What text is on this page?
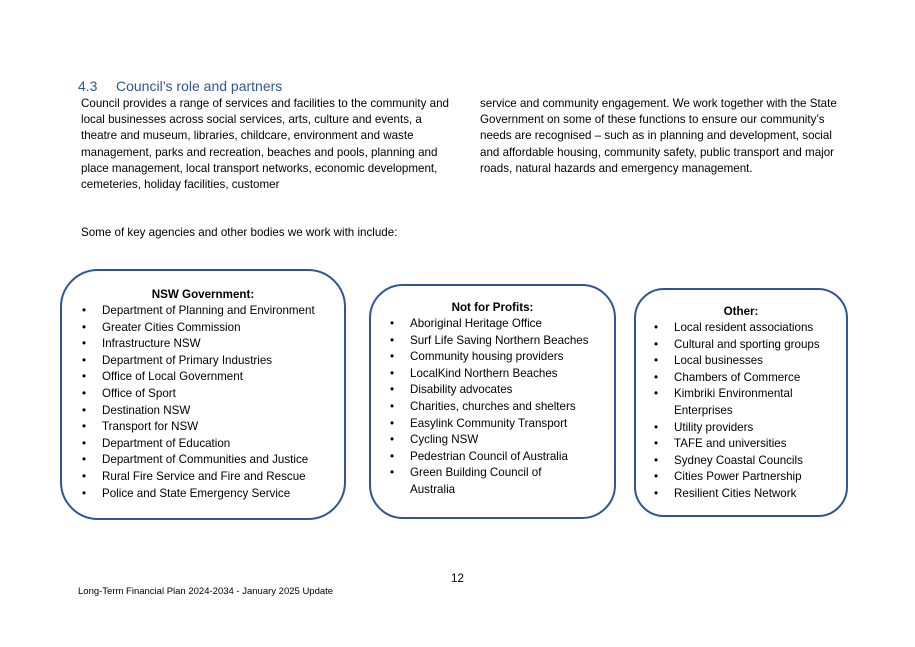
4.3 Council’s role and partners

Council provides a range of services and facilities to the community and local businesses across social services, arts, culture and events, a theatre and museum, libraries, childcare, environment and waste management, parks and recreation, beaches and pools, planning and place management, local transport networks, economic development, cemeteries, holiday facilities, customer

service and community engagement. We work together with the State Government on some of these functions to ensure our community’s needs are recognised – such as in planning and development, social and affordable housing, community safety, public transport and major roads, natural hazards and emergency management.

Some of key agencies and other bodies we work with include:

NSW Government:

• Department of Planning and Environment
• Greater Cities Commission
• Infrastructure NSW
• Department of Primary Industries
• Office of Local Government
• Office of Sport
• Destination NSW
• Transport for NSW
• Department of Education
• Department of Communities and Justice
• Rural Fire Service and Fire and Rescue
• Police and State Emergency Service

Not for Profits:

• Aboriginal Heritage Office
• Surf Life Saving Northern Beaches
• Community housing providers
• LocalKind Northern Beaches
• Disability advocates
• Charities, churches and shelters
• Easylink Community Transport
• Cycling NSW
• Pedestrian Council of Australia
• Green Building Council of Australia

Other:

• Local resident associations
• Cultural and sporting groups
• Local businesses
• Chambers of Commerce
• Kimbriki Environmental Enterprises
• Utility providers
• TAFE and universities
• Sydney Coastal Councils
• Cities Power Partnership
• Resilient Cities Network
12
Long-Term Financial Plan 2024-2034 - January 2025 Update
